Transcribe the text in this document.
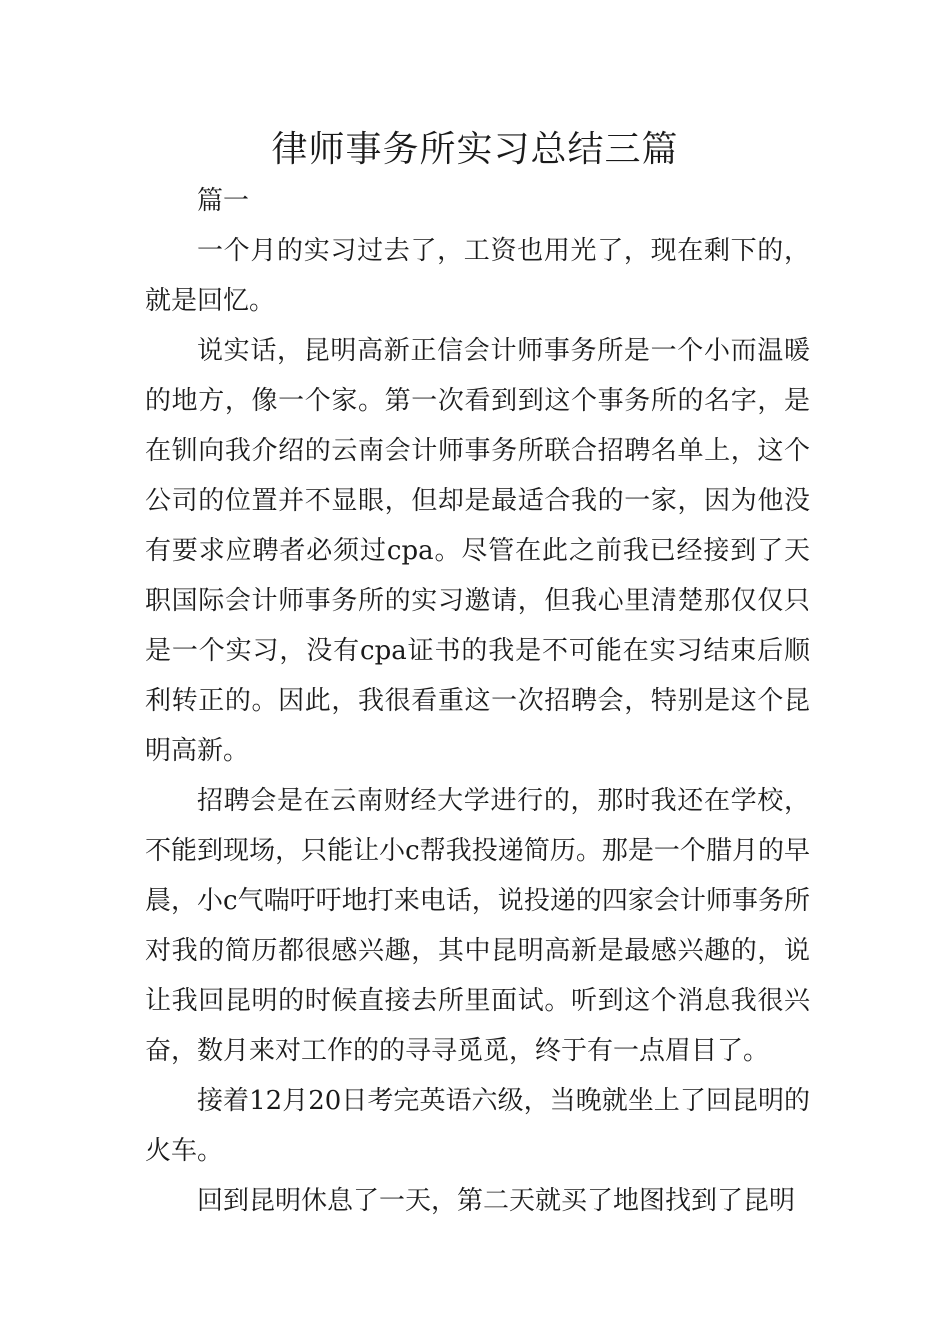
律师事务所实习总结三篇

篇一

一个月的实习过去了，工资也用光了，现在剩下的，就是回忆。

说实话，昆明高新正信会计师事务所是一个小而温暖的地方，像一个家。第一次看到到这个事务所的名字，是在钏向我介绍的云南会计师事务所联合招聘名单上，这个公司的位置并不显眼，但却是最适合我的一家，因为他没有要求应聘者必须过cpa。尽管在此之前我已经接到了天职国际会计师事务所的实习邀请，但我心里清楚那仅仅只是一个实习，没有cpa证书的我是不可能在实习结束后顺利转正的。因此，我很看重这一次招聘会，特别是这个昆明高新。

招聘会是在云南财经大学进行的，那时我还在学校，不能到现场，只能让小c帮我投递简历。那是一个腊月的早晨，小c气喘吁吁地打来电话，说投递的四家会计师事务所对我的简历都很感兴趣，其中昆明高新是最感兴趣的，说让我回昆明的时候直接去所里面试。听到这个消息我很兴奋，数月来对工作的的寻寻觅觅，终于有一点眉目了。

接着12月20日考完英语六级，当晚就坐上了回昆明的火车。

回到昆明休息了一天，第二天就买了地图找到了昆明
